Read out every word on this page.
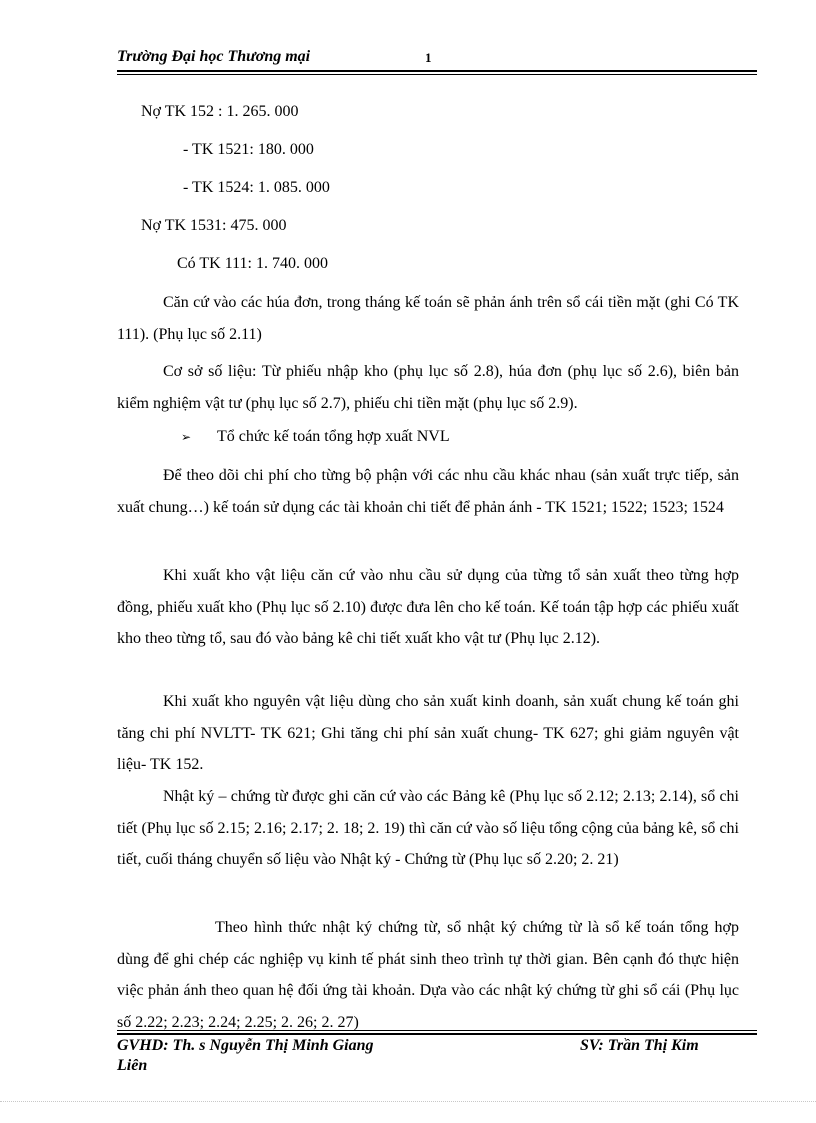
Trường Đại học Thương mại	1
Nợ TK 152 : 1. 265. 000
- TK 1521: 180. 000
- TK 1524: 1. 085. 000
Nợ TK 1531: 475. 000
Có TK 111: 1. 740. 000

Căn cứ vào các húa đơn, trong tháng kế toán sẽ phản ánh trên sổ cái tiền mặt (ghi Có TK 111). (Phụ lục số 2.11)

Cơ sở số liệu: Từ phiếu nhập kho (phụ lục số 2.8), húa đơn (phụ lục số 2.6), biên bản kiểm nghiệm vật tư (phụ lục số 2.7), phiếu chi tiền mặt (phụ lục số 2.9).

➢ Tổ chức kế toán tổng hợp xuất NVL

Để theo dõi chi phí cho từng bộ phận với các nhu cầu khác nhau (sản xuất trực tiếp, sản xuất chung…) kế toán sử dụng các tài khoản chi tiết để phản ánh - TK 1521; 1522; 1523; 1524

Khi xuất kho vật liệu căn cứ vào nhu cầu sử dụng của từng tổ sản xuất theo từng hợp đồng, phiếu xuất kho (Phụ lục số 2.10) được đưa lên cho kế toán. Kế toán tập hợp các phiếu xuất kho theo từng tổ, sau đó vào bảng kê chi tiết xuất kho vật tư (Phụ lục 2.12).

Khi xuất kho nguyên vật liệu dùng cho sản xuất kinh doanh, sản xuất chung kế toán ghi tăng chi phí NVLTT- TK 621; Ghi tăng chi phí sản xuất chung- TK 627; ghi giảm nguyên vật liệu- TK 152.

Nhật ký – chứng từ được ghi căn cứ vào các Bảng kê (Phụ lục số 2.12; 2.13; 2.14), sổ chi tiết (Phụ lục số 2.15; 2.16; 2.17; 2. 18; 2. 19) thì căn cứ vào số liệu tổng cộng của bảng kê, sổ chi tiết, cuối tháng chuyển số liệu vào Nhật ký - Chứng từ (Phụ lục số 2.20; 2. 21)

Theo hình thức nhật ký chứng từ, sổ nhật ký chứng từ là sổ kế toán tổng hợp dùng để ghi chép các nghiệp vụ kinh tế phát sinh theo trình tự thời gian. Bên cạnh đó thực hiện việc phản ánh theo quan hệ đối ứng tài khoản. Dựa vào các nhật ký chứng từ ghi sổ cái (Phụ lục số 2.22; 2.23; 2.24; 2.25; 2. 26; 2. 27)

GVHD: Th. s Nguyễn Thị Minh Giang	SV: Trần Thị Kim
Liên
